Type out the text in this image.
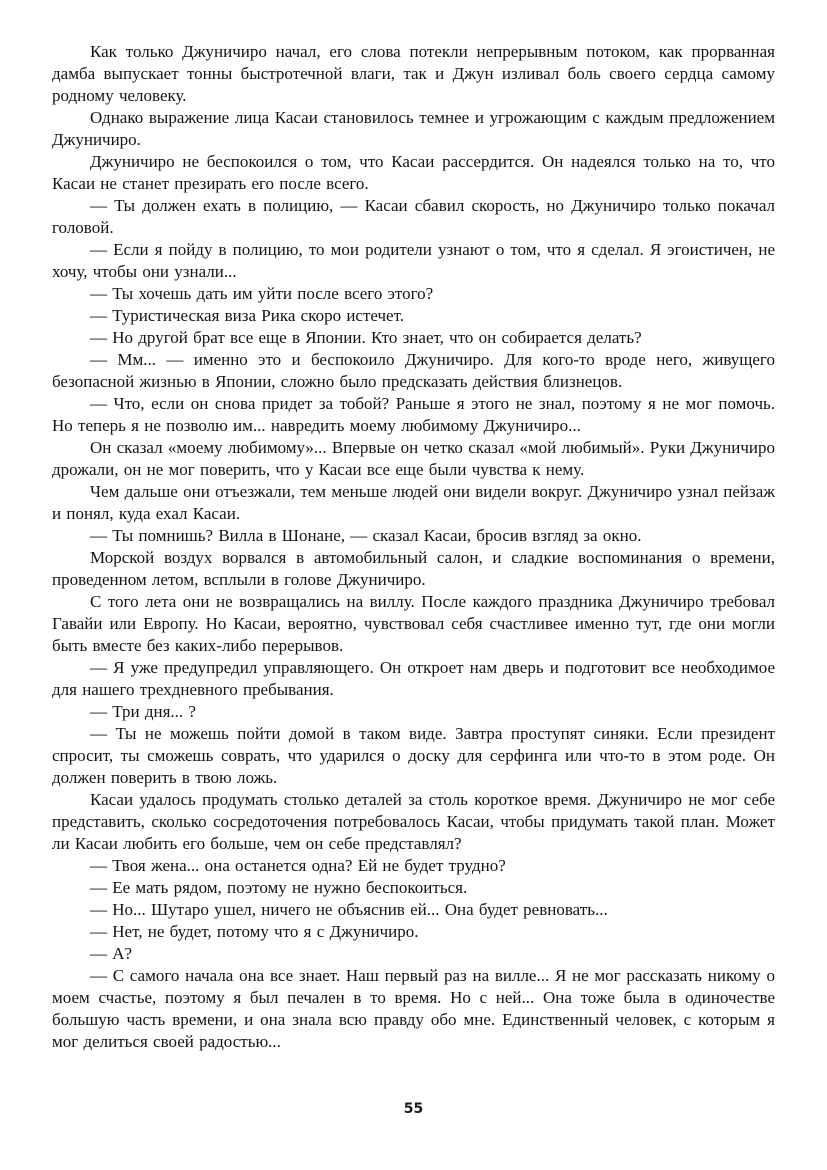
Как только Джуничиро начал, его слова потекли непрерывным потоком, как прорванная дамба выпускает тонны быстротечной влаги, так и Джун изливал боль своего сердца самому родному человеку.

Однако выражение лица Касаи становилось темнее и угрожающим с каждым предложением Джуничиро.

Джуничиро не беспокоился о том, что Касаи рассердится. Он надеялся только на то, что Касаи не станет презирать его после всего.

— Ты должен ехать в полицию, — Касаи сбавил скорость, но Джуничиро только покачал головой.

— Если я пойду в полицию, то мои родители узнают о том, что я сделал. Я эгоистичен, не хочу, чтобы они узнали...

— Ты хочешь дать им уйти после всего этого?

— Туристическая виза Рика скоро истечет.

— Но другой брат все еще в Японии. Кто знает, что он собирается делать?

— Мм... — именно это и беспокоило Джуничиро. Для кого-то вроде него, живущего безопасной жизнью в Японии, сложно было предсказать действия близнецов.

— Что, если он снова придет за тобой? Раньше я этого не знал, поэтому я не мог помочь. Но теперь я не позволю им... навредить моему любимому Джуничиро...

Он сказал «моему любимому»... Впервые он четко сказал «мой любимый». Руки Джуничиро дрожали, он не мог поверить, что у Касаи все еще были чувства к нему.

Чем дальше они отъезжали, тем меньше людей они видели вокруг. Джуничиро узнал пейзаж и понял, куда ехал Касаи.

— Ты помнишь? Вилла в Шонане, — сказал Касаи, бросив взгляд за окно.

Морской воздух ворвался в автомобильный салон, и сладкие воспоминания о времени, проведенном летом, всплыли в голове Джуничиро.

С того лета они не возвращались на виллу. После каждого праздника Джуничиро требовал Гавайи или Европу. Но Касаи, вероятно, чувствовал себя счастливее именно тут, где они могли быть вместе без каких-либо перерывов.

— Я уже предупредил управляющего. Он откроет нам дверь и подготовит все необходимое для нашего трехдневного пребывания.

— Три дня... ?

— Ты не можешь пойти домой в таком виде. Завтра проступят синяки. Если президент спросит, ты сможешь соврать, что ударился о доску для серфинга или что-то в этом роде. Он должен поверить в твою ложь.

Касаи удалось продумать столько деталей за столь короткое время. Джуничиро не мог себе представить, сколько сосредоточения потребовалось Касаи, чтобы придумать такой план. Может ли Касаи любить его больше, чем он себе представлял?

— Твоя жена... она останется одна? Ей не будет трудно?

— Ее мать рядом, поэтому не нужно беспокоиться.

— Но... Шутаро ушел, ничего не объяснив ей... Она будет ревновать...

— Нет, не будет, потому что я с Джуничиро.

— А?

— С самого начала она все знает. Наш первый раз на вилле... Я не мог рассказать никому о моем счастье, поэтому я был печален в то время. Но с ней... Она тоже была в одиночестве большую часть времени, и она знала всю правду обо мне. Единственный человек, с которым я мог делиться своей радостью...

55
